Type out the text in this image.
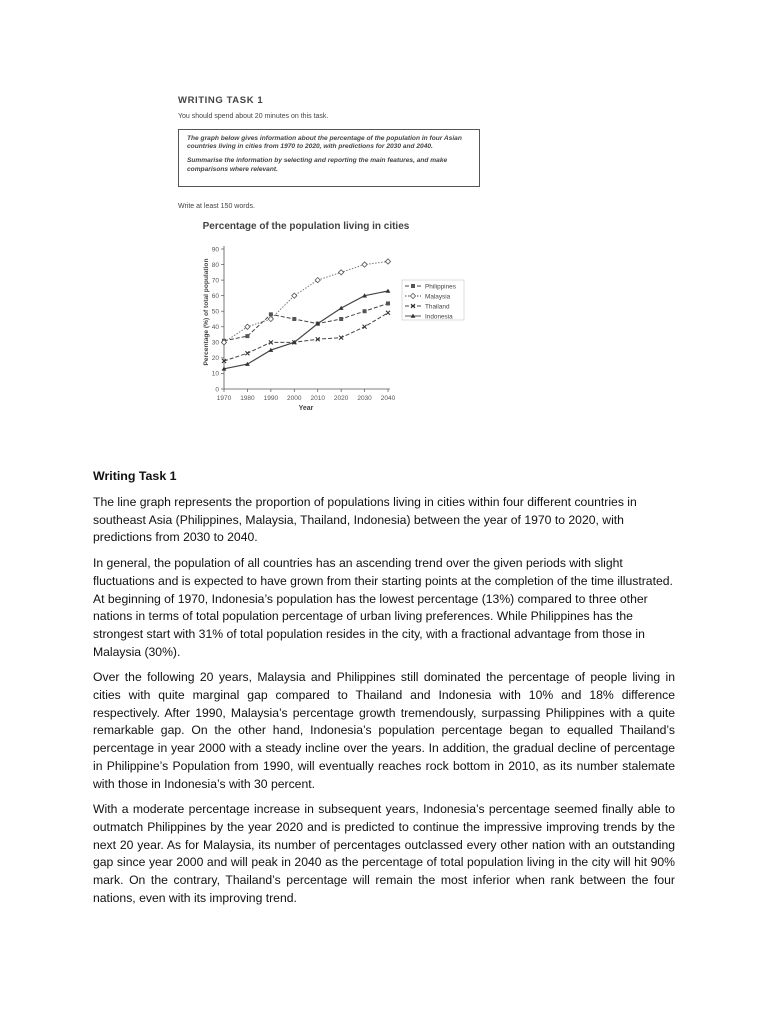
WRITING TASK 1

You should spend about 20 minutes on this task.

The graph below gives information about the percentage of the population in four Asian countries living in cities from 1970 to 2020, with predictions for 2030 and 2040.

Summarise the information by selecting and reporting the main features, and make comparisons where relevant.

Write at least 150 words.

Percentage of the population living in cities
0
10
20
30
40
50
60
70
80
90
1970 1980 1990 2000 2010 2020 2030 2040
Philippines
Malaysia
Thailand
Indonesia
Year
Percentage (%) of total population
Writing Task 1

The line graph represents the proportion of populations living in cities within four different countries in southeast Asia (Philippines, Malaysia, Thailand, Indonesia) between the year of 1970 to 2020, with predictions from 2030 to 2040.

In general, the population of all countries has an ascending trend over the given periods with slight fluctuations and is expected to have grown from their starting points at the completion of the time illustrated. At beginning of 1970, Indonesia’s population has the lowest percentage (13%) compared to three other nations in terms of total population percentage of urban living preferences. While Philippines has the strongest start with 31% of total population resides in the city, with a fractional advantage from those in Malaysia (30%).

Over the following 20 years, Malaysia and Philippines still dominated the percentage of people living in cities with quite marginal gap compared to Thailand and Indonesia with 10% and 18% difference respectively. After 1990, Malaysia’s percentage growth tremendously, surpassing Philippines with a quite remarkable gap. On the other hand, Indonesia’s population percentage began to equalled Thailand’s percentage in year 2000 with a steady incline over the years. In addition, the gradual decline of percentage in Philippine’s Population from 1990, will eventually reaches rock bottom in 2010, as its number stalemate with those in Indonesia’s with 30 percent.

With a moderate percentage increase in subsequent years, Indonesia’s percentage seemed finally able to outmatch Philippines by the year 2020 and is predicted to continue the impressive improving trends by the next 20 year. As for Malaysia, its number of percentages outclassed every other nation with an outstanding gap since year 2000 and will peak in 2040 as the percentage of total population living in the city will hit 90% mark. On the contrary, Thailand’s percentage will remain the most inferior when rank between the four nations, even with its improving trend.
